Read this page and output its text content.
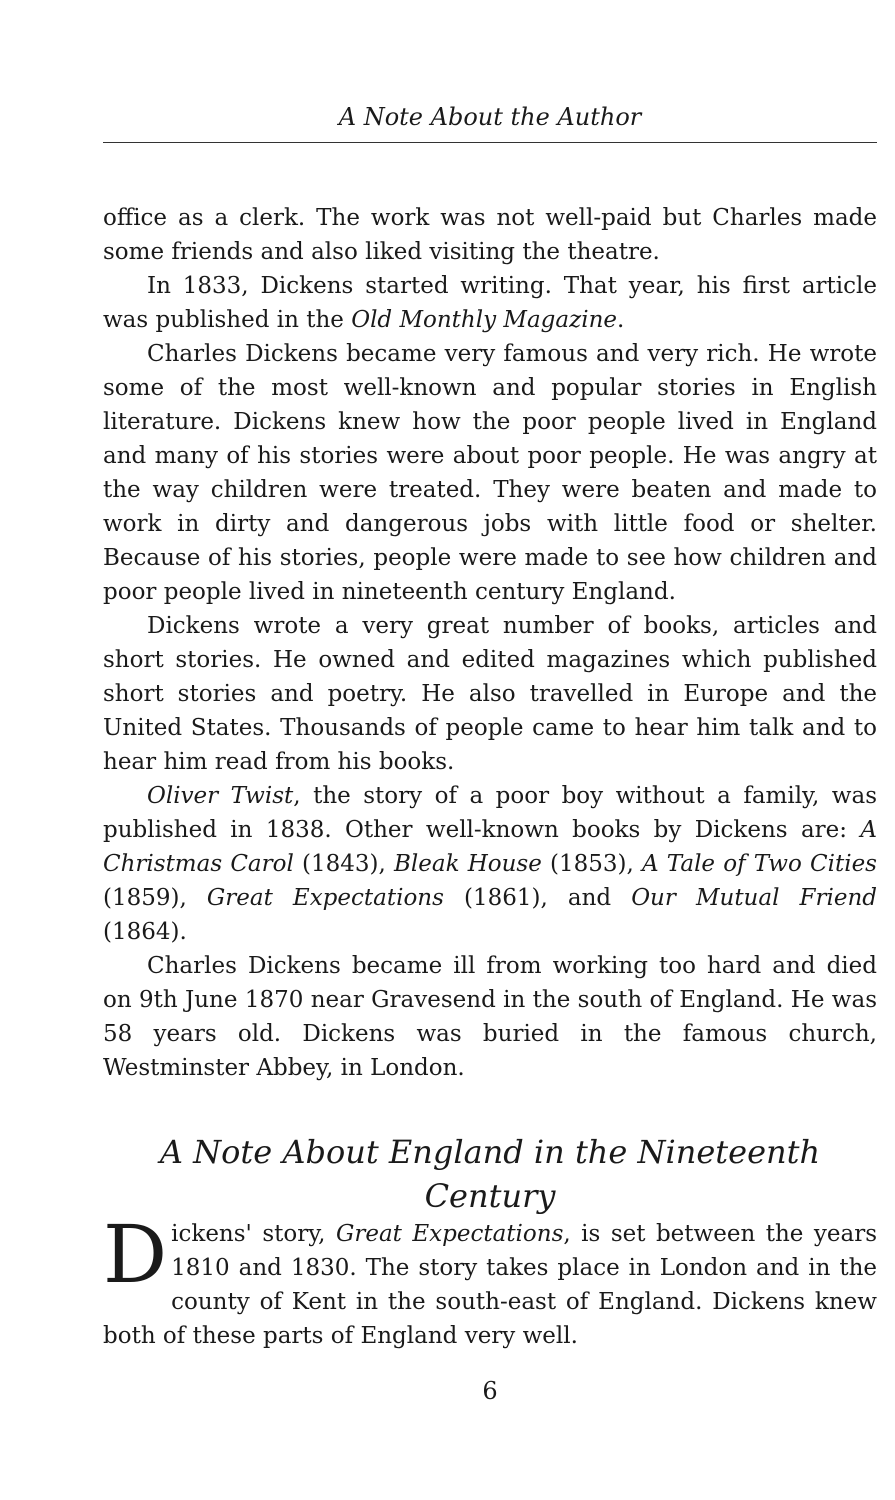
A Note About the Author

office as a clerk. The work was not well-paid but Charles made some friends and also liked visiting the theatre.

In 1833, Dickens started writing. That year, his first article was published in the Old Monthly Magazine.

Charles Dickens became very famous and very rich. He wrote some of the most well-known and popular stories in English literature. Dickens knew how the poor people lived in England and many of his stories were about poor people. He was angry at the way children were treated. They were beaten and made to work in dirty and dangerous jobs with little food or shelter. Because of his stories, people were made to see how children and poor people lived in nineteenth century England.

Dickens wrote a very great number of books, articles and short stories. He owned and edited magazines which published short stories and poetry. He also travelled in Europe and the United States. Thousands of people came to hear him talk and to hear him read from his books.

Oliver Twist, the story of a poor boy without a family, was published in 1838. Other well-known books by Dickens are: A Christmas Carol (1843), Bleak House (1853), A Tale of Two Cities (1859), Great Expectations (1861), and Our Mutual Friend (1864).

Charles Dickens became ill from working too hard and died on 9th June 1870 near Gravesend in the south of England. He was 58 years old. Dickens was buried in the famous church, Westminster Abbey, in London.

A Note About England in the Nineteenth Century

Dickens' story, Great Expectations, is set between the years 1810 and 1830. The story takes place in London and in the county of Kent in the south-east of England. Dickens knew both of these parts of England very well.

6
